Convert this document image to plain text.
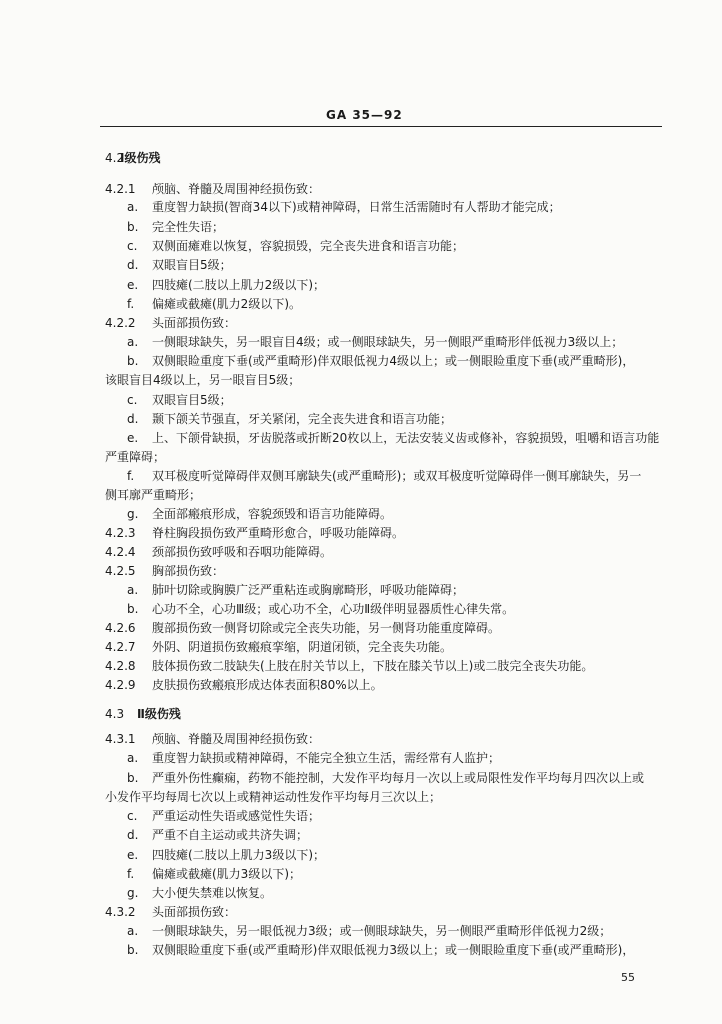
GA 35—92
4.2
Ⅰ级伤残
4.2.1 颅脑、脊髓及周围神经损伤致：
a. 重度智力缺损(智商34以下)或精神障碍，日常生活需随时有人帮助才能完成；
b. 完全性失语；
c. 双侧面瘫难以恢复，容貌损毁，完全丧失进食和语言功能；
d. 双眼盲目5级；
e. 四肢瘫(二肢以上肌力2级以下)；
f. 偏瘫或截瘫(肌力2级以下)。
4.2.2 头面部损伤致：
a. 一侧眼球缺失，另一眼盲目4级；或一侧眼球缺失，另一侧眼严重畸形伴低视力3级以上；
b. 双侧眼睑重度下垂(或严重畸形)伴双眼低视力4级以上；或一侧眼睑重度下垂(或严重畸形)，
该眼盲目4级以上，另一眼盲目5级；
c. 双眼盲目5级；
d. 颞下颌关节强直，牙关紧闭，完全丧失进食和语言功能；
e. 上、下颌骨缺损，牙齿脱落或折断20枚以上，无法安装义齿或修补，容貌损毁，咀嚼和语言功能
严重障碍；
f. 双耳极度听觉障碍伴双侧耳廓缺失(或严重畸形)；或双耳极度听觉障碍伴一侧耳廓缺失，另一
侧耳廓严重畸形；
g. 全面部瘢痕形成，容貌颈毁和语言功能障碍。
4.2.3 脊柱胸段损伤致严重畸形愈合，呼吸功能障碍。
4.2.4 颈部损伤致呼吸和吞咽功能障碍。
4.2.5 胸部损伤致：
a. 肺叶切除或胸膜广泛严重粘连或胸廓畸形，呼吸功能障碍；
b. 心功不全，心功Ⅲ级；或心功不全，心功Ⅱ级伴明显器质性心律失常。
4.2.6 腹部损伤致一侧肾切除或完全丧失功能，另一侧肾功能重度障碍。
4.2.7 外阴、阴道损伤致瘢痕挛缩，阴道闭锁，完全丧失功能。
4.2.8 肢体损伤致二肢缺失(上肢在肘关节以上，下肢在膝关节以上)或二肢完全丧失功能。
4.2.9 皮肤损伤致瘢痕形成达体表面积80%以上。
4.3 Ⅱ级伤残
4.3.1 颅脑、脊髓及周围神经损伤致：
a. 重度智力缺损或精神障碍，不能完全独立生活，需经常有人监护；
b. 严重外伤性癫痫，药物不能控制，大发作平均每月一次以上或局限性发作平均每月四次以上或
小发作平均每周七次以上或精神运动性发作平均每月三次以上；
c. 严重运动性失语或感觉性失语；
d. 严重不自主运动或共济失调；
e. 四肢瘫(二肢以上肌力3级以下)；
f. 偏瘫或截瘫(肌力3级以下)；
g. 大小便失禁难以恢复。
4.3.2 头面部损伤致：
a. 一侧眼球缺失，另一眼低视力3级；或一侧眼球缺失，另一侧眼严重畸形伴低视力2级；
b. 双侧眼睑重度下垂(或严重畸形)伴双眼低视力3级以上；或一侧眼睑重度下垂(或严重畸形)，
55
